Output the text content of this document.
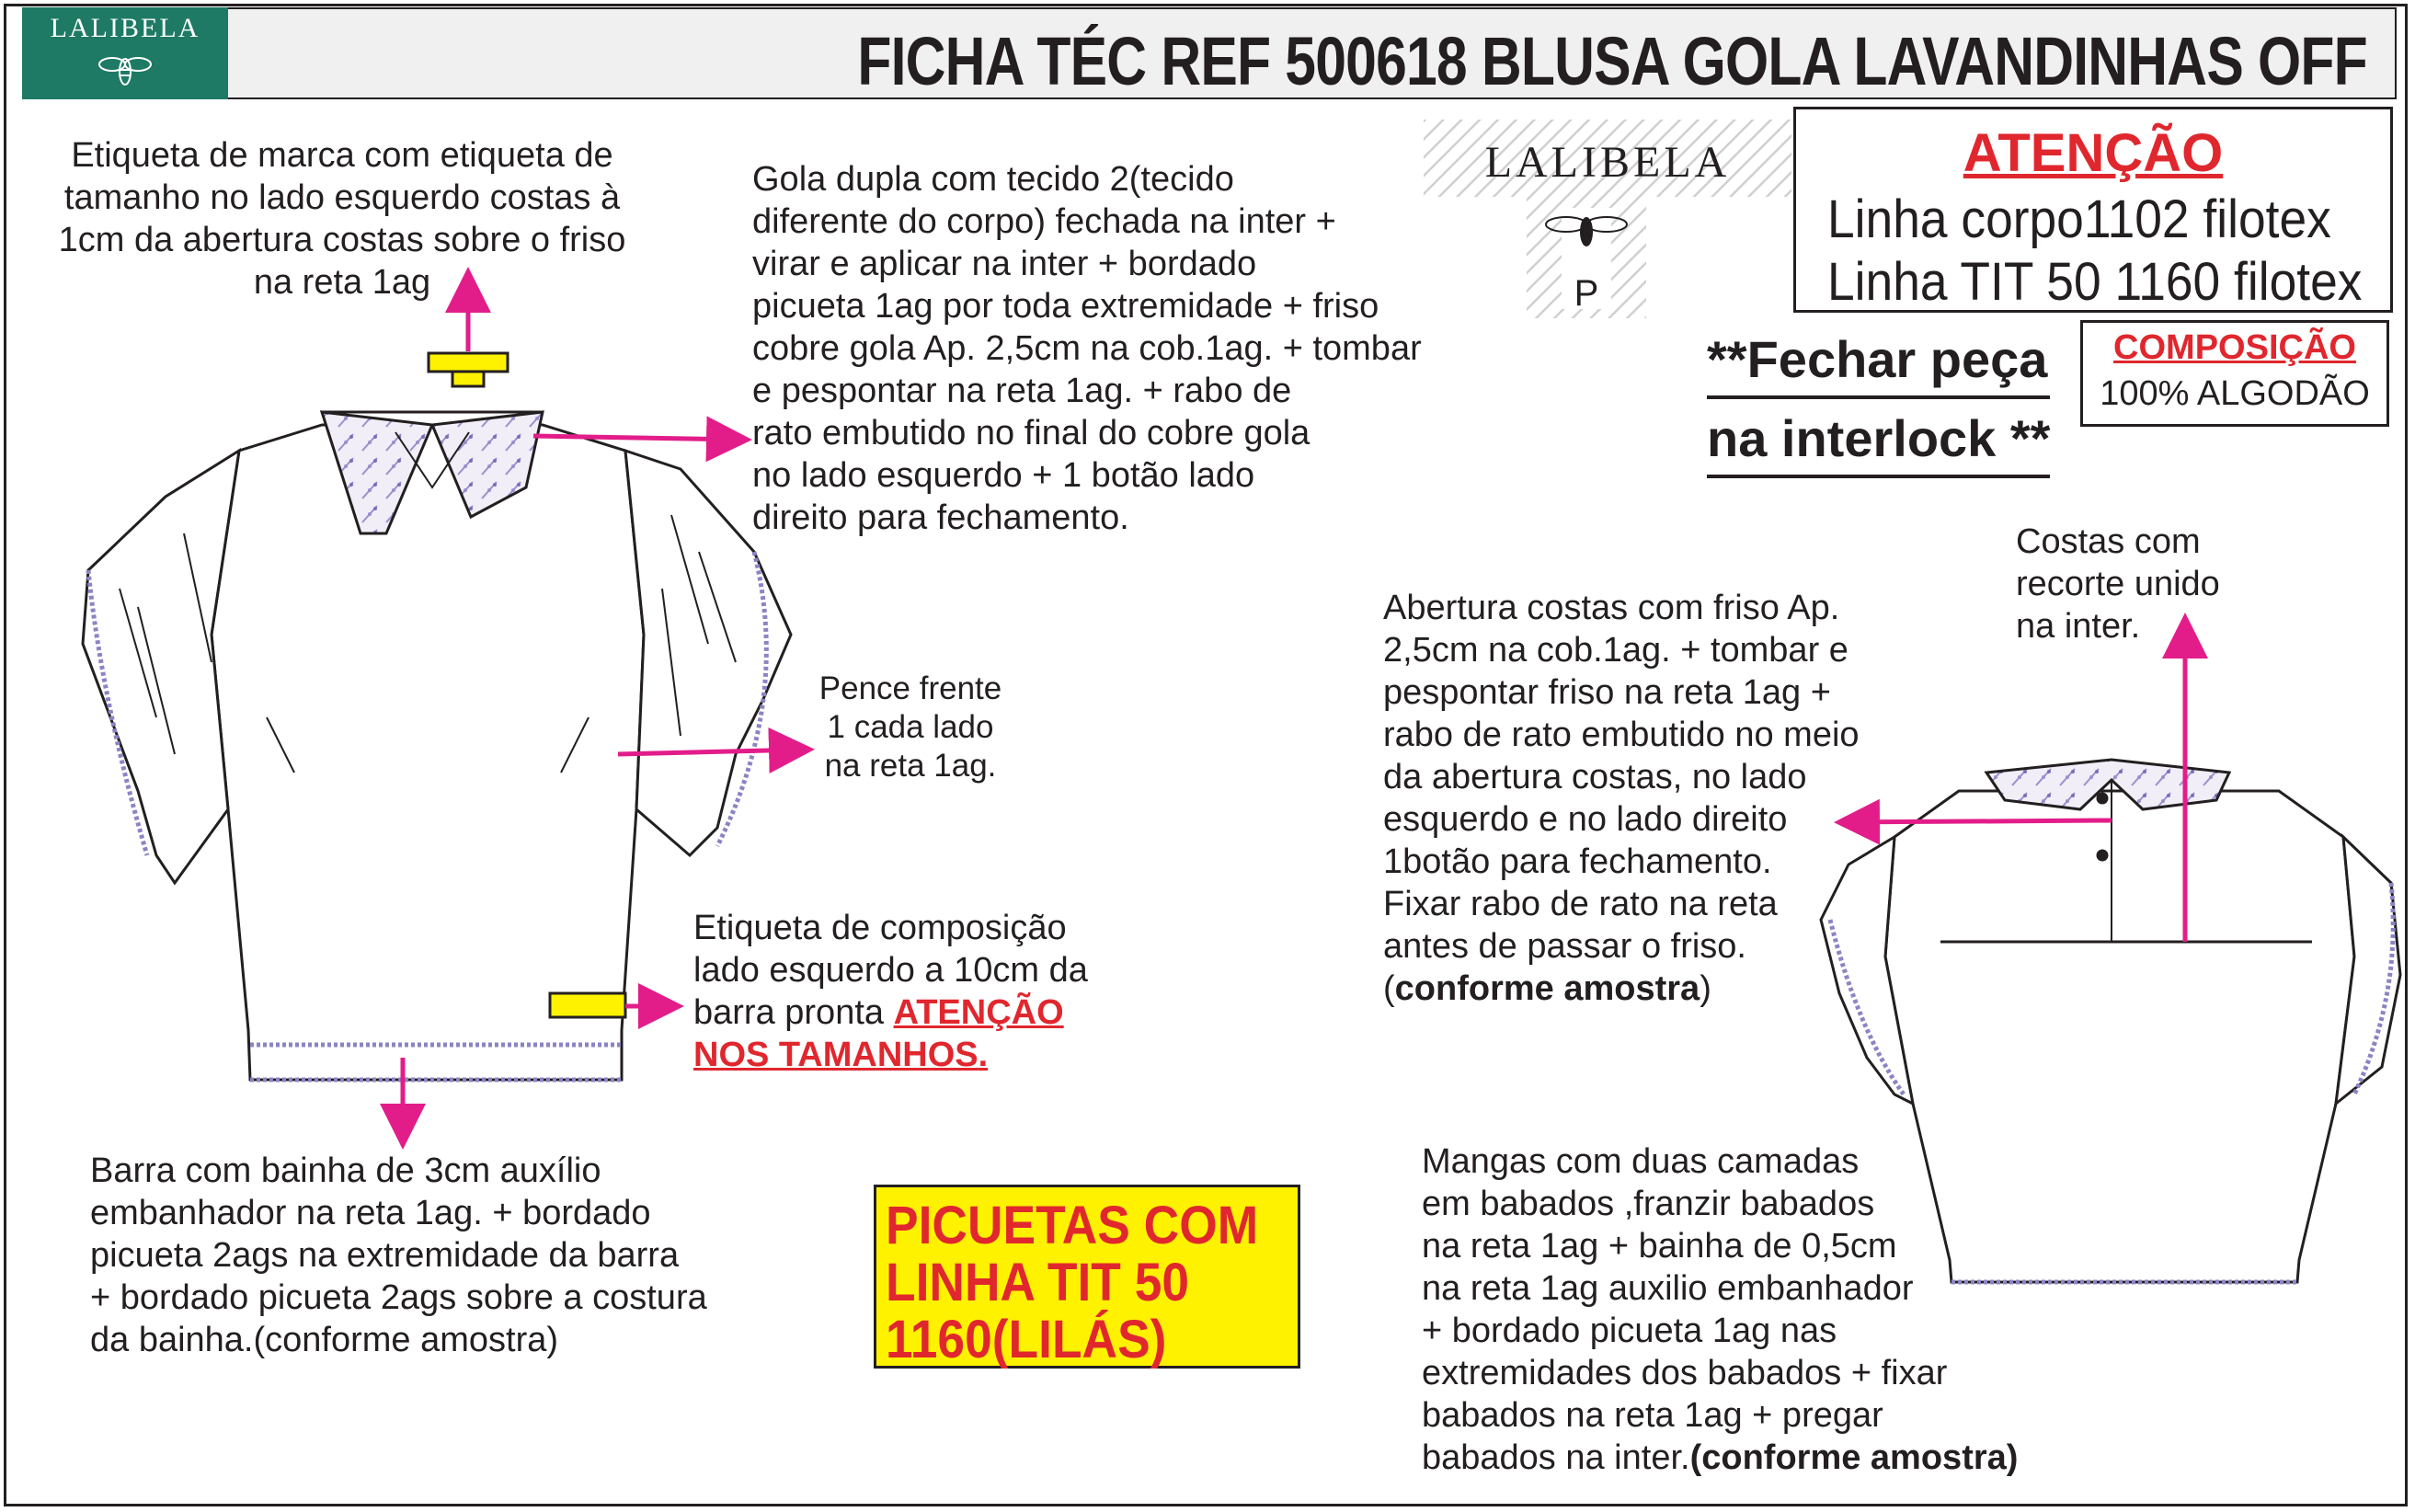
FICHA TÉC REF 500618 BLUSA GOLA LAVANDINHAS OFF
LALIBELA
LALIBELA
P
ATENÇÃO
Linha corpo1102 filotex
Linha TIT 50 1160 filotex
**Fechar peça
na interlock **
COMPOSIÇÃO
100% ALGODÃO
Etiqueta de marca com etiqueta de
tamanho no lado esquerdo costas à
1cm da abertura costas sobre o friso
na reta 1ag
Gola dupla com tecido 2(tecido
diferente do corpo) fechada na inter +
virar e aplicar na inter + bordado
picueta 1ag por toda extremidade + friso
cobre gola Ap. 2,5cm na cob.1ag. + tombar
e pespontar na reta 1ag. + rabo de
rato embutido no final do cobre gola
no lado esquerdo + 1 botão lado
direito para fechamento.
Pence frente
1 cada lado
na reta 1ag.
Etiqueta de composição
lado esquerdo a 10cm da
barra pronta ATENÇÃO
NOS TAMANHOS.
Barra com bainha de 3cm auxílio
embanhador na reta 1ag. + bordado
picueta 2ags na extremidade da barra
+ bordado picueta 2ags sobre a costura
da bainha.(conforme amostra)
Costas com
recorte unido
na inter.
Abertura costas com friso Ap.
2,5cm na cob.1ag. + tombar e
pespontar friso na reta 1ag +
rabo de rato embutido no meio
da abertura costas, no lado
esquerdo e no lado direito
1botão para fechamento.
Fixar rabo de rato na reta
antes de passar o friso.
(conforme amostra)
Mangas com duas camadas
em babados ,franzir babados
na reta 1ag + bainha de 0,5cm
na reta 1ag auxilio embanhador
+ bordado picueta 1ag nas
extremidades dos babados + fixar
babados na reta 1ag + pregar
babados na inter.(conforme amostra)
PICUETAS COM
LINHA TIT 50
1160(LILÁS)
